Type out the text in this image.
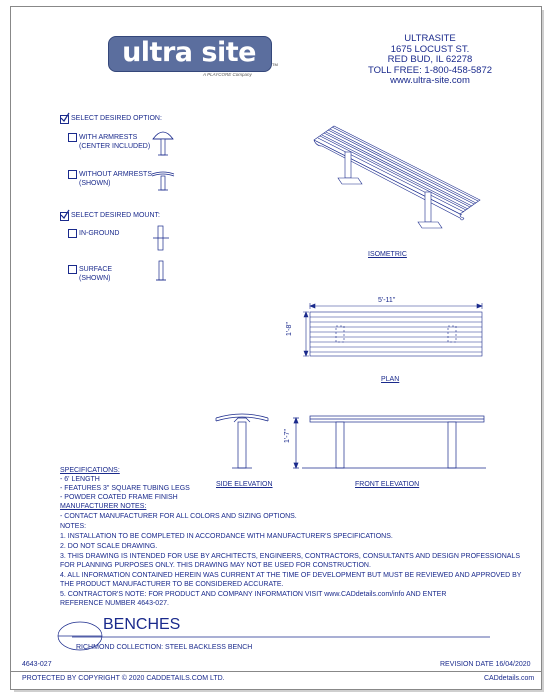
ultra site	TM
A PLAYCORE Company
ULTRASITE
1675 LOCUST ST.
RED BUD, IL 62278
TOLL FREE: 1-800-458-5872
www.ultra-site.com
SELECT DESIRED OPTION:
WITH ARMRESTS
(CENTER INCLUDED)
WITHOUT ARMRESTS
(SHOWN)
SELECT DESIRED MOUNT:
IN-GROUND
SURFACE
(SHOWN)
ISOMETRIC
5'-11"
1'-8"
PLAN
SIDE ELEVATION
1'-7"
FRONT ELEVATION
SPECIFICATIONS:
- 6' LENGTH
- FEATURES 3" SQUARE TUBING LEGS
- POWDER COATED FRAME FINISH
MANUFACTURER NOTES:
- CONTACT MANUFACTURER FOR ALL COLORS AND SIZING OPTIONS.
NOTES:
1. INSTALLATION TO BE COMPLETED IN ACCORDANCE WITH MANUFACTURER'S SPECIFICATIONS.
2. DO NOT SCALE DRAWING.
3. THIS DRAWING IS INTENDED FOR USE BY ARCHITECTS, ENGINEERS, CONTRACTORS, CONSULTANTS AND DESIGN PROFESSIONALS
FOR PLANNING PURPOSES ONLY. THIS DRAWING MAY NOT BE USED FOR CONSTRUCTION.
4. ALL INFORMATION CONTAINED HEREIN WAS CURRENT AT THE TIME OF DEVELOPMENT BUT MUST BE REVIEWED AND APPROVED BY
THE PRODUCT MANUFACTURER TO BE CONSIDERED ACCURATE.
5. CONTRACTOR'S NOTE: FOR PRODUCT AND COMPANY INFORMATION VISIT www.CADdetails.com/info AND ENTER
REFERENCE NUMBER 4643-027.
BENCHES
RICHMOND COLLECTION: STEEL BACKLESS BENCH
4643-027	REVISION DATE 16/04/2020
PROTECTED BY COPYRIGHT © 2020 CADDETAILS.COM LTD.	CADdetails.com
